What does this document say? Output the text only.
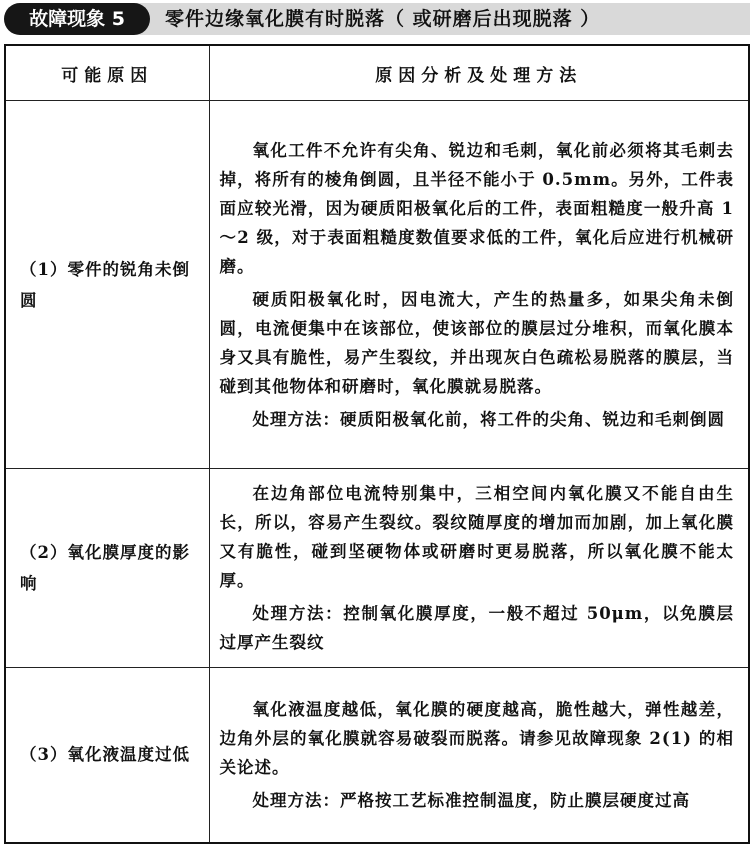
故障现象 5	零件边缘氧化膜有时脱落（ 或研磨后出现脱落 ）
可能原因	原因分析及处理方法
（1）零件的锐角未倒圆	氧化工件不允许有尖角、锐边和毛刺，氧化前必须将其毛刺去掉，将所有的棱角倒圆，且半径不能小于 0.5mm。另外，工件表面应较光滑，因为硬质阳极氧化后的工件，表面粗糙度一般升高 1～2 级，对于表面粗糙度数值要求低的工件，氧化后应进行机械研磨。

硬质阳极氧化时，因电流大，产生的热量多，如果尖角未倒圆，电流便集中在该部位，使该部位的膜层过分堆积，而氧化膜本身又具有脆性，易产生裂纹，并出现灰白色疏松易脱落的膜层，当碰到其他物体和研磨时，氧化膜就易脱落。

处理方法：硬质阳极氧化前，将工件的尖角、锐边和毛刺倒圆

（2）氧化膜厚度的影响	在边角部位电流特别集中，三相空间内氧化膜又不能自由生长，所以，容易产生裂纹。裂纹随厚度的增加而加剧，加上氧化膜又有脆性，碰到坚硬物体或研磨时更易脱落，所以氧化膜不能太厚。

处理方法：控制氧化膜厚度，一般不超过 50μm，以免膜层过厚产生裂纹

（3）氧化液温度过低	氧化液温度越低，氧化膜的硬度越高，脆性越大，弹性越差，边角外层的氧化膜就容易破裂而脱落。请参见故障现象 2(1) 的相关论述。

处理方法：严格按工艺标准控制温度，防止膜层硬度过高
